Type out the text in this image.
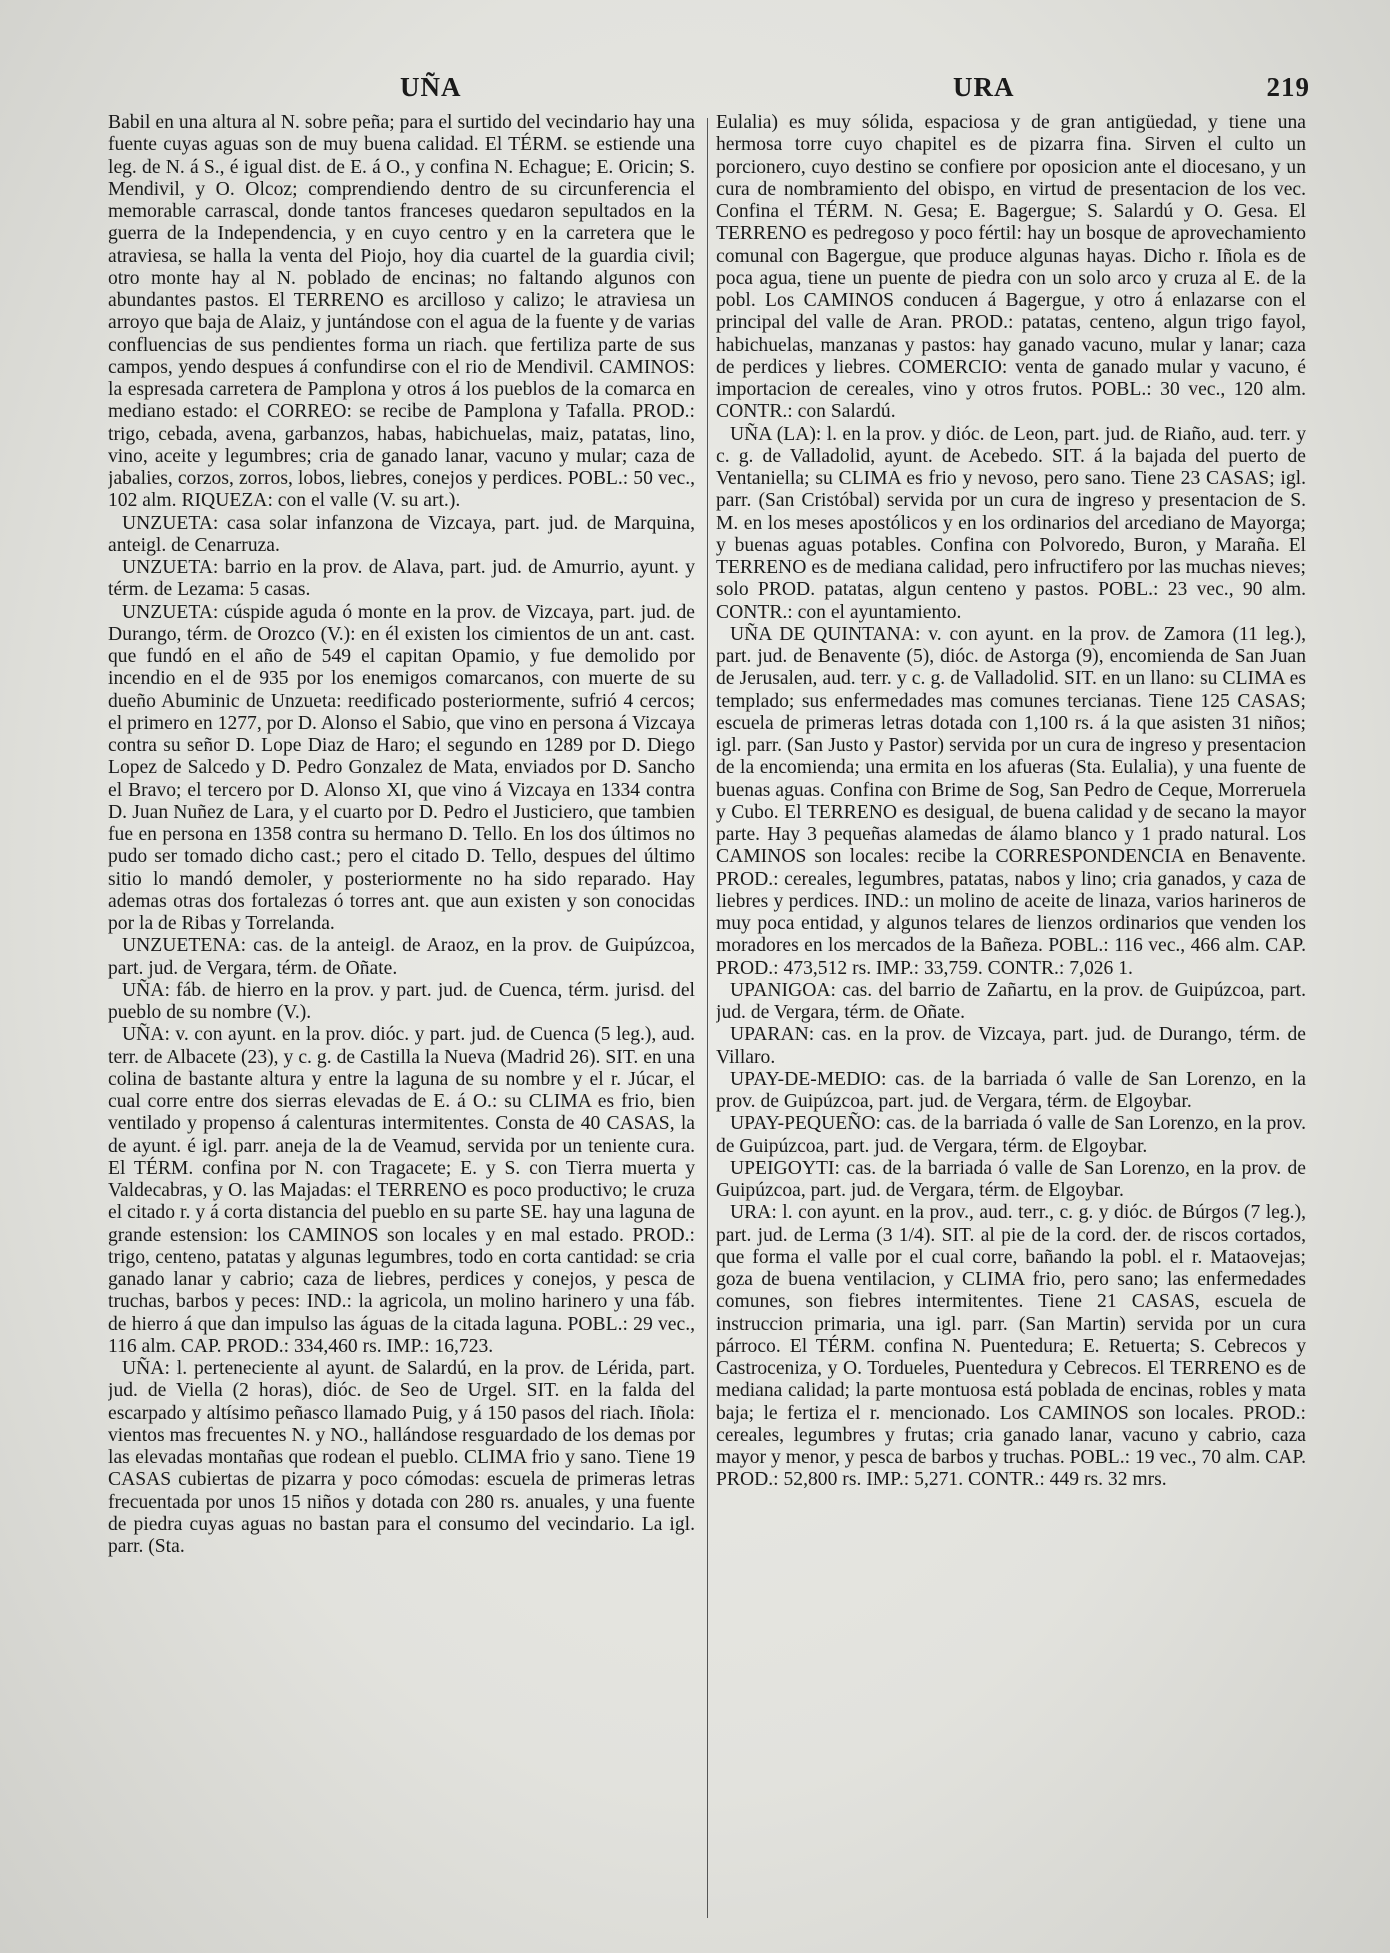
UÑA	URA	219

Babil en una altura al N. sobre peña; para el surtido del vecindario hay una fuente cuyas aguas son de muy buena calidad. El TÉRM. se estiende una leg. de N. á S., é igual dist. de E. á O., y confina N. Echague; E. Oricin; S. Mendivil, y O. Olcoz; comprendiendo dentro de su circunferencia el memorable carrascal, donde tantos franceses quedaron sepultados en la guerra de la Independencia, y en cuyo centro y en la carretera que le atraviesa, se halla la venta del Piojo, hoy dia cuartel de la guardia civil; otro monte hay al N. poblado de encinas; no faltando algunos con abundantes pastos. El TERRENO es arcilloso y calizo; le atraviesa un arroyo que baja de Alaiz, y juntándose con el agua de la fuente y de varias confluencias de sus pendientes forma un riach. que fertiliza parte de sus campos, yendo despues á confundirse con el rio de Mendivil. CAMINOS: la espresada carretera de Pamplona y otros á los pueblos de la comarca en mediano estado: el CORREO: se recibe de Pamplona y Tafalla. PROD.: trigo, cebada, avena, garbanzos, habas, habichuelas, maiz, patatas, lino, vino, aceite y legumbres; cria de ganado lanar, vacuno y mular; caza de jabalies, corzos, zorros, lobos, liebres, conejos y perdices. POBL.: 50 vec., 102 alm. RIQUEZA: con el valle (V. su art.).

UNZUETA: casa solar infanzona de Vizcaya, part. jud. de Marquina, anteigl. de Cenarruza.

UNZUETA: barrio en la prov. de Alava, part. jud. de Amurrio, ayunt. y térm. de Lezama: 5 casas.

UNZUETA: cúspide aguda ó monte en la prov. de Vizcaya, part. jud. de Durango, térm. de Orozco (V.): en él existen los cimientos de un ant. cast. que fundó en el año de 549 el capitan Opamio, y fue demolido por incendio en el de 935 por los enemigos comarcanos, con muerte de su dueño Abuminic de Unzueta: reedificado posteriormente, sufrió 4 cercos; el primero en 1277, por D. Alonso el Sabio, que vino en persona á Vizcaya contra su señor D. Lope Diaz de Haro; el segundo en 1289 por D. Diego Lopez de Salcedo y D. Pedro Gonzalez de Mata, enviados por D. Sancho el Bravo; el tercero por D. Alonso XI, que vino á Vizcaya en 1334 contra D. Juan Nuñez de Lara, y el cuarto por D. Pedro el Justiciero, que tambien fue en persona en 1358 contra su hermano D. Tello. En los dos últimos no pudo ser tomado dicho cast.; pero el citado D. Tello, despues del último sitio lo mandó demoler, y posteriormente no ha sido reparado. Hay ademas otras dos fortalezas ó torres ant. que aun existen y son conocidas por la de Ribas y Torrelanda.

UNZUETENA: cas. de la anteigl. de Araoz, en la prov. de Guipúzcoa, part. jud. de Vergara, térm. de Oñate.

UÑA: fáb. de hierro en la prov. y part. jud. de Cuenca, térm. jurisd. del pueblo de su nombre (V.).

UÑA: v. con ayunt. en la prov. dióc. y part. jud. de Cuenca (5 leg.), aud. terr. de Albacete (23), y c. g. de Castilla la Nueva (Madrid 26). SIT. en una colina de bastante altura y entre la laguna de su nombre y el r. Júcar, el cual corre entre dos sierras elevadas de E. á O.: su CLIMA es frio, bien ventilado y propenso á calenturas intermitentes. Consta de 40 CASAS, la de ayunt. é igl. parr. aneja de la de Veamud, servida por un teniente cura. El TÉRM. confina por N. con Tragacete; E. y S. con Tierra muerta y Valdecabras, y O. las Majadas: el TERRENO es poco productivo; le cruza el citado r. y á corta distancia del pueblo en su parte SE. hay una laguna de grande estension: los CAMINOS son locales y en mal estado. PROD.: trigo, centeno, patatas y algunas legumbres, todo en corta cantidad: se cria ganado lanar y cabrio; caza de liebres, perdices y conejos, y pesca de truchas, barbos y peces: IND.: la agricola, un molino harinero y una fáb. de hierro á que dan impulso las águas de la citada laguna. POBL.: 29 vec., 116 alm. CAP. PROD.: 334,460 rs. IMP.: 16,723.

UÑA: l. perteneciente al ayunt. de Salardú, en la prov. de Lérida, part. jud. de Viella (2 horas), dióc. de Seo de Urgel. SIT. en la falda del escarpado y altísimo peñasco llamado Puig, y á 150 pasos del riach. Iñola: vientos mas frecuentes N. y NO., hallándose resguardado de los demas por las elevadas montañas que rodean el pueblo. CLIMA frio y sano. Tiene 19 CASAS cubiertas de pizarra y poco cómodas: escuela de primeras letras frecuentada por unos 15 niños y dotada con 280 rs. anuales, y una fuente de piedra cuyas aguas no bastan para el consumo del vecindario. La igl. parr. (Sta.

Eulalia) es muy sólida, espaciosa y de gran antigüedad, y tiene una hermosa torre cuyo chapitel es de pizarra fina. Sirven el culto un porcionero, cuyo destino se confiere por oposicion ante el diocesano, y un cura de nombramiento del obispo, en virtud de presentacion de los vec. Confina el TÉRM. N. Gesa; E. Bagergue; S. Salardú y O. Gesa. El TERRENO es pedregoso y poco fértil: hay un bosque de aprovechamiento comunal con Bagergue, que produce algunas hayas. Dicho r. Iñola es de poca agua, tiene un puente de piedra con un solo arco y cruza al E. de la pobl. Los CAMINOS conducen á Bagergue, y otro á enlazarse con el principal del valle de Aran. PROD.: patatas, centeno, algun trigo fayol, habichuelas, manzanas y pastos: hay ganado vacuno, mular y lanar; caza de perdices y liebres. COMERCIO: venta de ganado mular y vacuno, é importacion de cereales, vino y otros frutos. POBL.: 30 vec., 120 alm. CONTR.: con Salardú.

UÑA (LA): l. en la prov. y dióc. de Leon, part. jud. de Riaño, aud. terr. y c. g. de Valladolid, ayunt. de Acebedo. SIT. á la bajada del puerto de Ventaniella; su CLIMA es frio y nevoso, pero sano. Tiene 23 CASAS; igl. parr. (San Cristóbal) servida por un cura de ingreso y presentacion de S. M. en los meses apostólicos y en los ordinarios del arcediano de Mayorga; y buenas aguas potables. Confina con Polvoredo, Buron, y Maraña. El TERRENO es de mediana calidad, pero infructifero por las muchas nieves; solo PROD. patatas, algun centeno y pastos. POBL.: 23 vec., 90 alm. CONTR.: con el ayuntamiento.

UÑA DE QUINTANA: v. con ayunt. en la prov. de Zamora (11 leg.), part. jud. de Benavente (5), dióc. de Astorga (9), encomienda de San Juan de Jerusalen, aud. terr. y c. g. de Valladolid. SIT. en un llano: su CLIMA es templado; sus enfermedades mas comunes tercianas. Tiene 125 CASAS; escuela de primeras letras dotada con 1,100 rs. á la que asisten 31 niños; igl. parr. (San Justo y Pastor) servida por un cura de ingreso y presentacion de la encomienda; una ermita en los afueras (Sta. Eulalia), y una fuente de buenas aguas. Confina con Brime de Sog, San Pedro de Ceque, Morreruela y Cubo. El TERRENO es desigual, de buena calidad y de secano la mayor parte. Hay 3 pequeñas alamedas de álamo blanco y 1 prado natural. Los CAMINOS son locales: recibe la CORRESPONDENCIA en Benavente. PROD.: cereales, legumbres, patatas, nabos y lino; cria ganados, y caza de liebres y perdices. IND.: un molino de aceite de linaza, varios harineros de muy poca entidad, y algunos telares de lienzos ordinarios que venden los moradores en los mercados de la Bañeza. POBL.: 116 vec., 466 alm. CAP. PROD.: 473,512 rs. IMP.: 33,759. CONTR.: 7,026 1.

UPANIGOA: cas. del barrio de Zañartu, en la prov. de Guipúzcoa, part. jud. de Vergara, térm. de Oñate.

UPARAN: cas. en la prov. de Vizcaya, part. jud. de Durango, térm. de Villaro.

UPAY-DE-MEDIO: cas. de la barriada ó valle de San Lorenzo, en la prov. de Guipúzcoa, part. jud. de Vergara, térm. de Elgoybar.

UPAY-PEQUEÑO: cas. de la barriada ó valle de San Lorenzo, en la prov. de Guipúzcoa, part. jud. de Vergara, térm. de Elgoybar.

UPEIGOYTI: cas. de la barriada ó valle de San Lorenzo, en la prov. de Guipúzcoa, part. jud. de Vergara, térm. de Elgoybar.

URA: l. con ayunt. en la prov., aud. terr., c. g. y dióc. de Búrgos (7 leg.), part. jud. de Lerma (3 1/4). SIT. al pie de la cord. der. de riscos cortados, que forma el valle por el cual corre, bañando la pobl. el r. Mataovejas; goza de buena ventilacion, y CLIMA frio, pero sano; las enfermedades comunes, son fiebres intermitentes. Tiene 21 CASAS, escuela de instruccion primaria, una igl. parr. (San Martin) servida por un cura párroco. El TÉRM. confina N. Puentedura; E. Retuerta; S. Cebrecos y Castroceniza, y O. Tordueles, Puentedura y Cebrecos. El TERRENO es de mediana calidad; la parte montuosa está poblada de encinas, robles y mata baja; le fertiza el r. mencionado. Los CAMINOS son locales. PROD.: cereales, legumbres y frutas; cria ganado lanar, vacuno y cabrio, caza mayor y menor, y pesca de barbos y truchas. POBL.: 19 vec., 70 alm. CAP. PROD.: 52,800 rs. IMP.: 5,271. CONTR.: 449 rs. 32 mrs.
